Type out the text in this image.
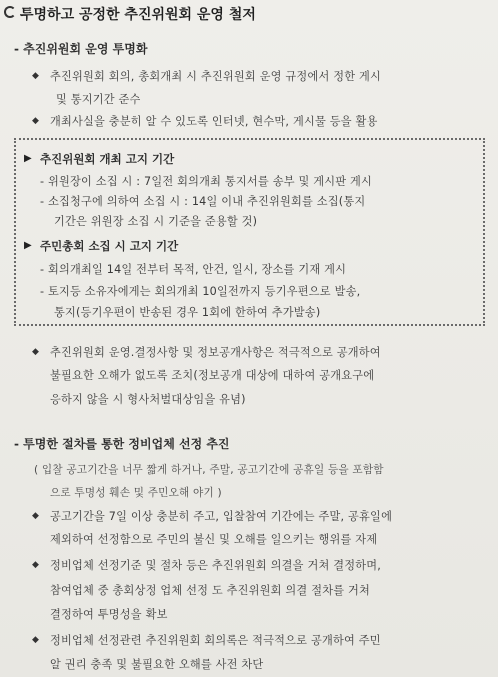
투명하고 공정한 추진위원회 운영 철저
- 추진위원회 운영 투명화
◆ 추진위원회 회의, 총회개최 시 추진위원회 운영 규정에서 정한 게시
및 통지기간 준수
◆ 개최사실을 충분히 알 수 있도록 인터넷, 현수막, 게시물 등을 활용
▶ 추진위원회 개최 고지 기간
- 위원장이 소집 시 : 7일전 회의개최 통지서를 송부 및 게시판 게시
- 소집청구에 의하여 소집 시 : 14일 이내 추진위원회를 소집(통지
기간은 위원장 소집 시 기준을 준용할 것)
▶ 주민총회 소집 시 고지 기간
- 회의개최일 14일 전부터 목적, 안건, 일시, 장소를 기재 게시
- 토지등 소유자에게는 회의개최 10일전까지 등기우편으로 발송,
통지(등기우편이 반송된 경우 1회에 한하여 추가발송)
◆ 추진위원회 운영.결정사항 및 정보공개사항은 적극적으로 공개하여
불필요한 오해가 없도록 조치(정보공개 대상에 대하여 공개요구에
응하지 않을 시 형사처벌대상임을 유념)
- 투명한 절차를 통한 정비업체 선정 추진
( 입찰 공고기간을 너무 짧게 하거나, 주말, 공고기간에 공휴일 등을 포함함
으로 투명성 훼손 및 주민오해 야기 )
◆ 공고기간을 7일 이상 충분히 주고, 입찰참여 기간에는 주말, 공휴일에
제외하여 선정함으로 주민의 불신 및 오해를 일으키는 행위를 자제
◆ 정비업체 선정기준 및 절차 등은 추진위원회 의결을 거쳐 결정하며,
참여업체 중 총회상정 업체 선정 도 추진위원회 의결 절차를 거쳐
결정하여 투명성을 확보
◆ 정비업체 선정관련 추진위원회 회의록은 적극적으로 공개하여 주민
알 권리 충족 및 불필요한 오해를 사전 차단
